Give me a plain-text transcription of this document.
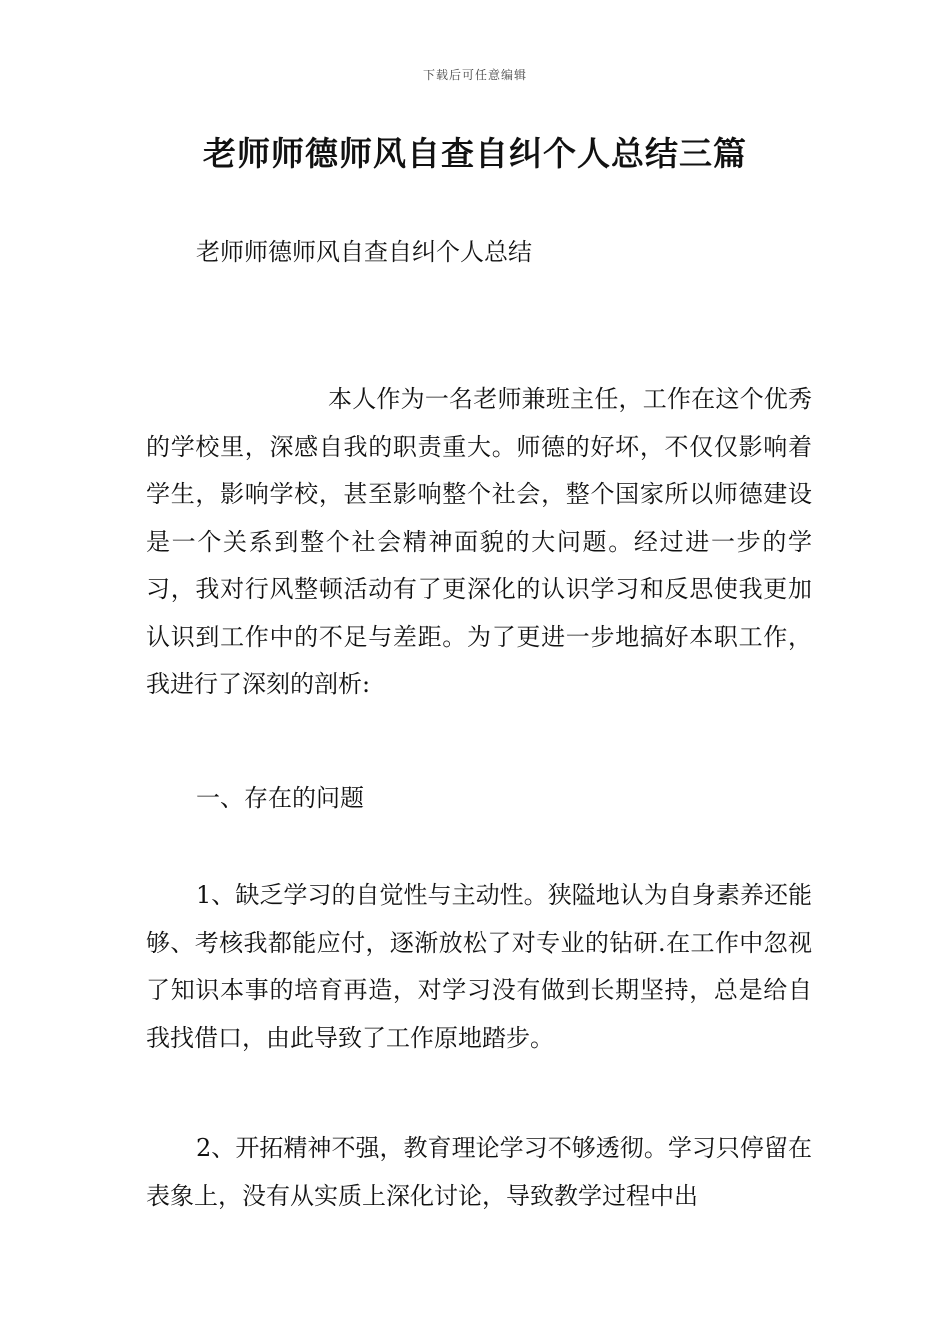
下载后可任意编辑
老师师德师风自查自纠个人总结三篇
老师师德师风自查自纠个人总结

本人作为一名老师兼班主任，工作在这个优秀的学校里，深感自我的职责重大。师德的好坏，不仅仅影响着学生，影响学校，甚至影响整个社会，整个国家所以师德建设是一个关系到整个社会精神面貌的大问题。经过进一步的学习，我对行风整顿活动有了更深化的认识学习和反思使我更加认识到工作中的不足与差距。为了更进一步地搞好本职工作，我进行了深刻的剖析:

一、存在的问题

1、缺乏学习的自觉性与主动性。狭隘地认为自身素养还能够、考核我都能应付，逐渐放松了对专业的钻研.在工作中忽视了知识本事的培育再造，对学习没有做到长期坚持，总是给自我找借口，由此导致了工作原地踏步。

2、开拓精神不强，教育理论学习不够透彻。学习只停留在表象上，没有从实质上深化讨论，导致教学过程中出
